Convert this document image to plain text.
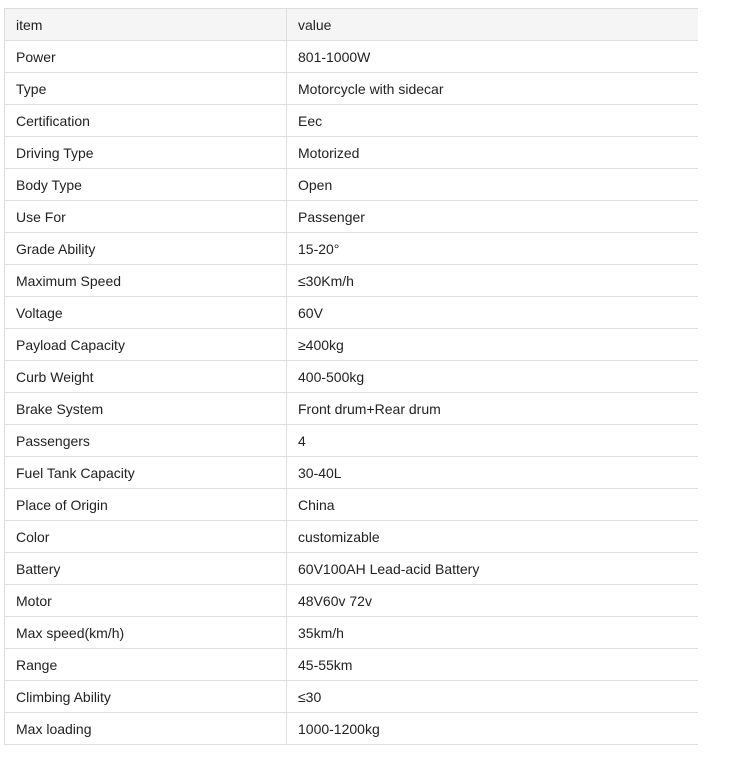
item	value
Power	801-1000W
Type	Motorcycle with sidecar
Certification	Eec
Driving Type	Motorized
Body Type	Open
Use For	Passenger
Grade Ability	15-20°
Maximum Speed	≤30Km/h
Voltage	60V
Payload Capacity	≥400kg
Curb Weight	400-500kg
Brake System	Front drum+Rear drum
Passengers	4
Fuel Tank Capacity	30-40L
Place of Origin	China
Color	customizable
Battery	60V100AH Lead-acid Battery
Motor	48V60v 72v
Max speed(km/h)	35km/h
Range	45-55km
Climbing Ability	≤30
Max loading	1000-1200kg
